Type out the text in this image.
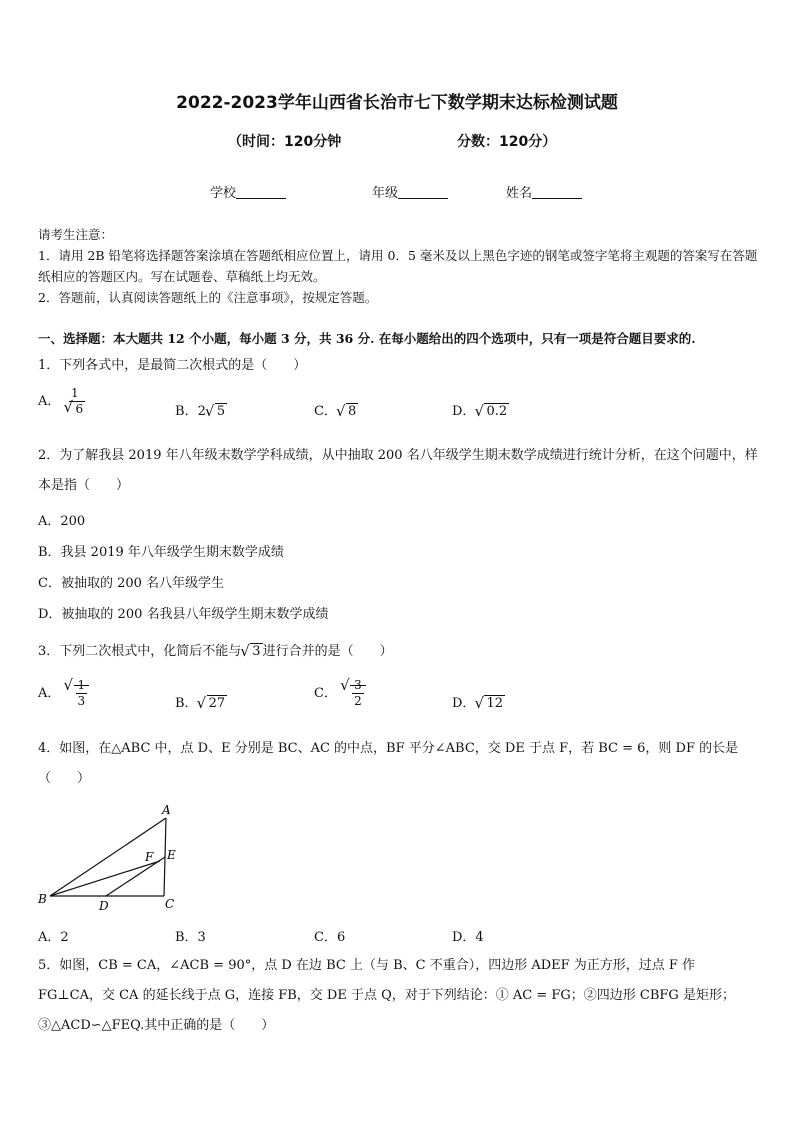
2022-2023学年山西省长治市七下数学期末达标检测试题
（时间：120分钟	分数：120分）
学校	年级	姓名
请考生注意：
1．请用 2B 铅笔将选择题答案涂填在答题纸相应位置上，请用 0．5 毫米及以上黑色字迹的钢笔或签字笔将主观题的答案写在答题纸相应的答题区内。写在试题卷、草稿纸上均无效。
2．答题前，认真阅读答题纸上的《注意事项》，按规定答题。
一、选择题：本大题共 12 个小题，每小题 3 分，共 36 分. 在每小题给出的四个选项中，只有一项是符合题目要求的.
1．下列各式中，是最简二次根式的是（　　）
A． 1
√ 6	B．2 √ 5	C． √ 8	D． √ 0.2
2．为了解我县 2019 年八年级末数学学科成绩，从中抽取 200 名八年级学生期末数学成绩进行统计分析，在这个问题中，样本是指（　　）
A．200
B．我县 2019 年八年级学生期末数学成绩
C．被抽取的 200 名八年级学生
D．被抽取的 200 名我县八年级学生期末数学成绩
3．下列二次根式中，化简后不能与 √ 3 进行合并的是（　　）
A． √ $\frac{1}{3}$	B． √ 27
C． √ $\frac{3}{2}$	D． √ 12
4．如图，在△ABC 中，点 D、E 分别是 BC、AC 的中点，BF 平分∠ABC，交 DE 于点 F，若 BC = 6，则 DF 的长是（　　）
A
B	C
D
E
F
A．2	B．3	C．6	D．4
5．如图，CB = CA，∠ACB = 90°，点 D 在边 BC 上（与 B、C 不重合），四边形 ADEF 为正方形，过点 F 作 FG⊥CA，交 CA 的延长线于点 G，连接 FB，交 DE 于点 Q，对于下列结论：① AC = FG；②四边形 CBFG 是矩形；③△ACD∽△FEQ.其中正确的是（　　）
